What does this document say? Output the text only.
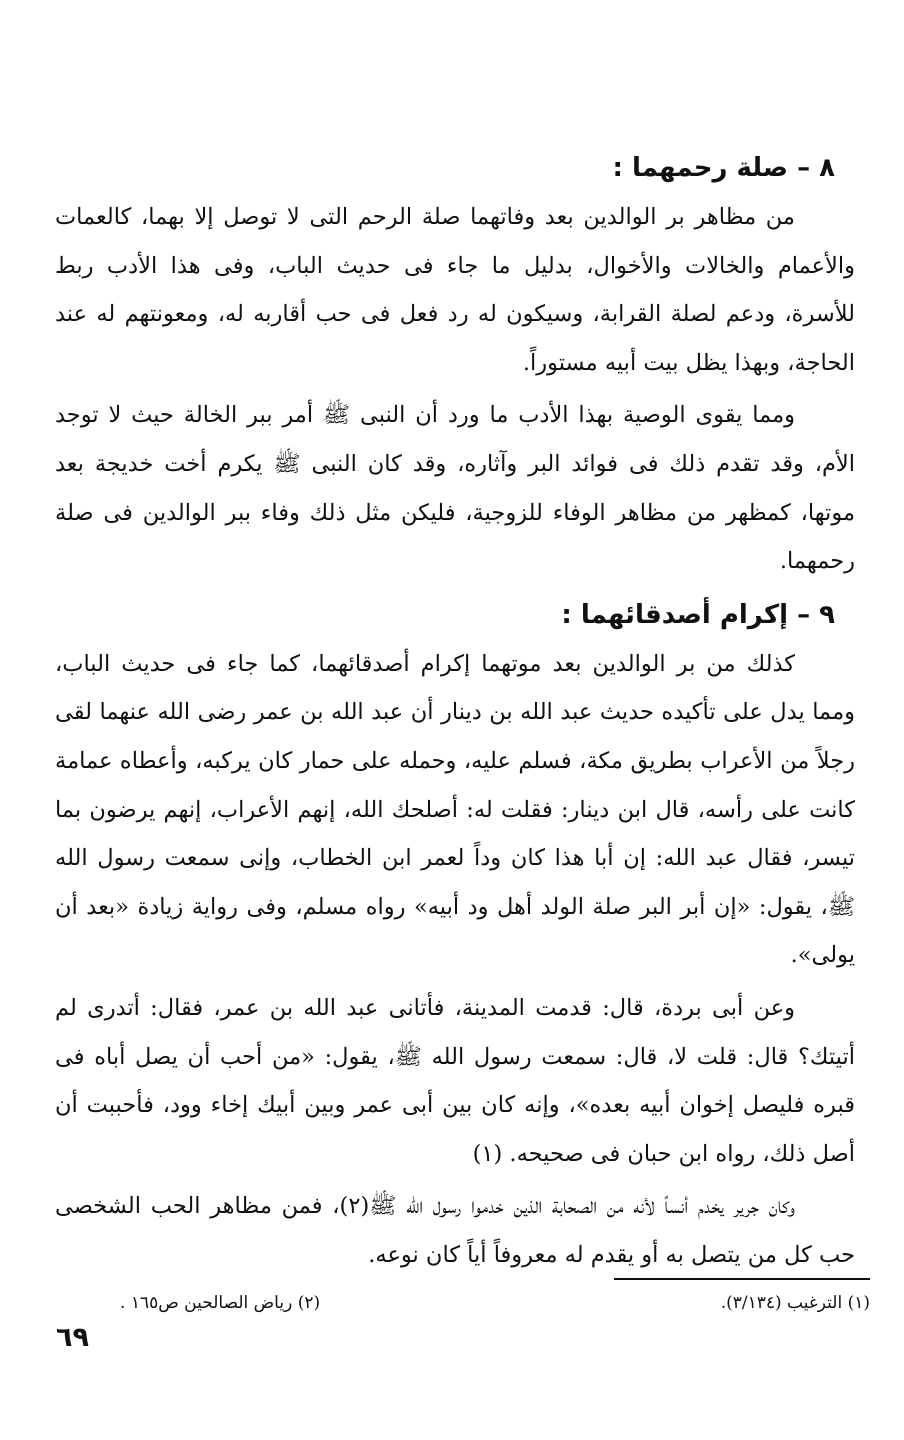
٨ – صلة رحمهما :

من مظاهر بر الوالدين بعد وفاتهما صلة الرحم التى لا توصل إلا بهما، كالعمات والأعمام والخالات والأخوال، بدليل ما جاء فى حديث الباب، وفى هذا الأدب ربط للأسرة، ودعم لصلة القرابة، وسيكون له رد فعل فى حب أقاربه له، ومعونتهم له عند الحاجة، وبهذا يظل بيت أبيه مستوراً.

ومما يقوى الوصية بهذا الأدب ما ورد أن النبى ﷺ أمر ببر الخالة حيث لا توجد الأم، وقد تقدم ذلك فى فوائد البر وآثاره، وقد كان النبى ﷺ يكرم أخت خديجة بعد موتها، كمظهر من مظاهر الوفاء للزوجية، فليكن مثل ذلك وفاء ببر الوالدين فى صلة رحمهما.

٩ – إكرام أصدقائهما :

كذلك من بر الوالدين بعد موتهما إكرام أصدقائهما، كما جاء فى حديث الباب، ومما يدل على تأكيده حديث عبد الله بن دينار أن عبد الله بن عمر رضى الله عنهما لقى رجلاً من الأعراب بطريق مكة، فسلم عليه، وحمله على حمار كان يركبه، وأعطاه عمامة كانت على رأسه، قال ابن دينار: فقلت له: أصلحك الله، إنهم الأعراب، إنهم يرضون بما تيسر، فقال عبد الله: إن أبا هذا كان وداً لعمر ابن الخطاب، وإنى سمعت رسول الله ﷺ، يقول: «إن أبر البر صلة الولد أهل ود أبيه» رواه مسلم، وفى رواية زيادة «بعد أن يولى».

وعن أبى بردة، قال: قدمت المدينة، فأتانى عبد الله بن عمر، فقال: أتدرى لم أتيتك؟ قال: قلت لا، قال: سمعت رسول الله ﷺ، يقول: «من أحب أن يصل أباه فى قبره فليصل إخوان أبيه بعده»، وإنه كان بين أبى عمر وبين أبيك إخاء وود، فأحببت أن أصل ذلك، رواه ابن حبان فى صحيحه. (١)

وكان جرير يخدم أنساً لأنه من الصحابة الذين خدموا رسول الله ﷺ(٢)، فمن مظاهر الحب الشخصى حب كل من يتصل به أو يقدم له معروفاً أياً كان نوعه.

(١) الترغيب (٣/١٣٤).
(٢) رياض الصالحين ص١٦٥ .
٦٩
